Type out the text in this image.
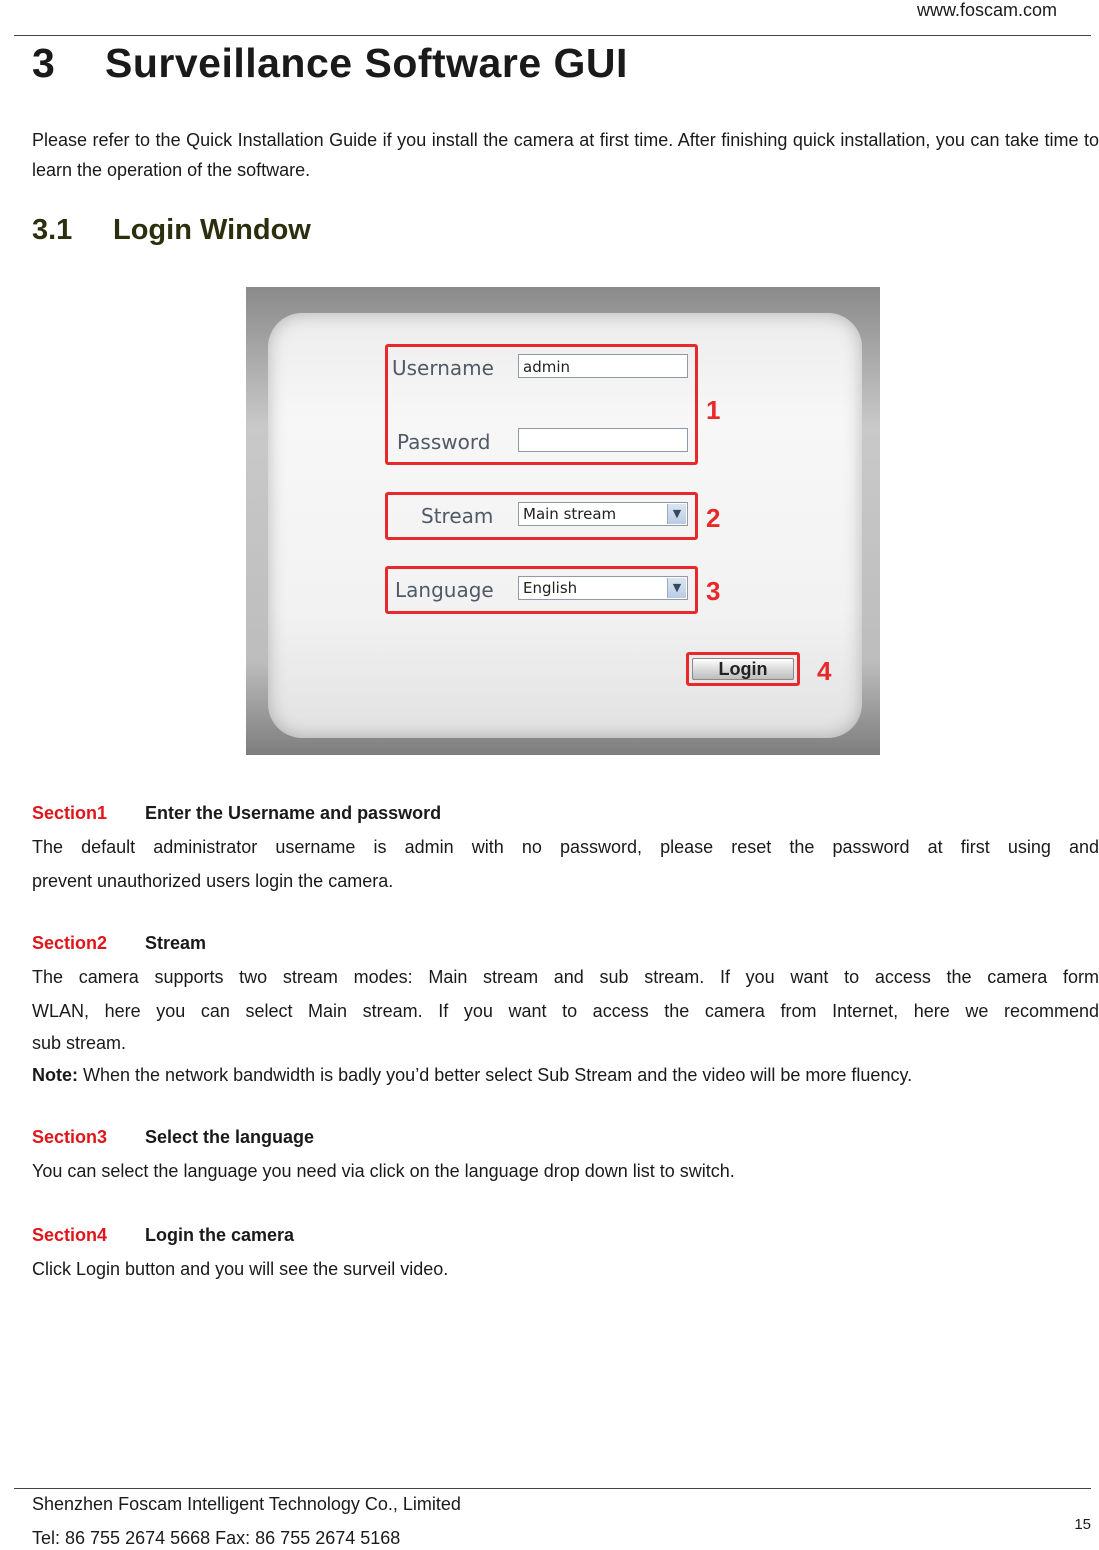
www.foscam.com
3 Surveillance Software GUI
Please refer to the Quick Installation Guide if you install the camera at first time. After finishing quick installation, you can take time to learn the operation of the software.
3.1 Login Window
Username	admin
Password
1
Stream	Main stream	▼ 2
Language	English	▼ 3
Login	4
Section1 Enter the Username and password
The default administrator username is admin with no password, please reset the password at first using and
prevent unauthorized users login the camera.
Section2 Stream
The camera supports two stream modes: Main stream and sub stream. If you want to access the camera form
WLAN, here you can select Main stream. If you want to access the camera from Internet, here we recommend
sub stream.
Note: When the network bandwidth is badly you’d better select Sub Stream and the video will be more fluency.
Section3 Select the language
You can select the language you need via click on the language drop down list to switch.
Section4 Login the camera
Click Login button and you will see the surveil video.
Shenzhen Foscam Intelligent Technology Co., Limited
Tel: 86 755 2674 5668 Fax: 86 755 2674 5168
15
